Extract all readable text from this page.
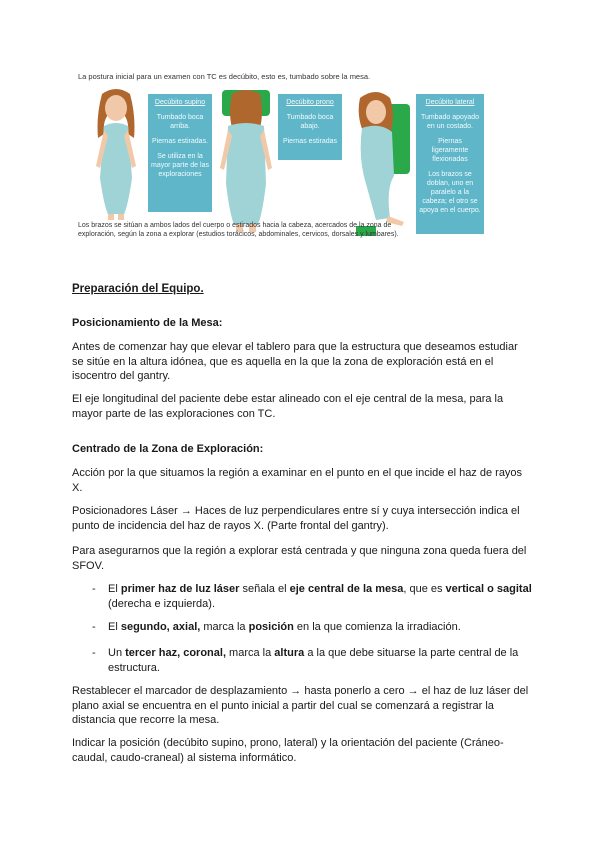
La postura inicial para un examen con TC es decúbito, esto es, tumbado sobre la mesa.
Decúbito supino
Tumbado boca arriba.
Piernas estiradas.
Se utiliza en la mayor parte de las exploraciones
Decúbito prono
Tumbado boca abajo.
Piernas estiradas
Decúbito lateral
Tumbado apoyado en un costado.
Piernas ligeramente flexionadas
Los brazos se doblan, uno en paralelo a la cabeza; el otro se apoya en el cuerpo.
Los brazos se sitúan a ambos lados del cuerpo o estirados hacia la cabeza, acercados de la zona de exploración, según la zona a explorar (estudios torácicos, abdominales, cervicos, dorsales y lumbares).
Preparación del Equipo.
Posicionamiento de la Mesa:
Antes de comenzar hay que elevar el tablero para que la estructura que deseamos estudiar se sitúe en la altura idónea, que es aquella en la que la zona de exploración está en el isocentro del gantry.
El eje longitudinal del paciente debe estar alineado con el eje central de la mesa, para la mayor parte de las exploraciones con TC.
Centrado de la Zona de Exploración:
Acción por la que situamos la región a examinar en el punto en el que incide el haz de rayos X.
Posicionadores Láser → Haces de luz perpendiculares entre sí y cuya intersección indica el punto de incidencia del haz de rayos X. (Parte frontal del gantry).
Para asegurarnos que la región a explorar está centrada y que ninguna zona queda fuera del SFOV.
- El primer haz de luz láser señala el eje central de la mesa, que es vertical o sagital (derecha e izquierda).
- El segundo, axial, marca la posición en la que comienza la irradiación.
- Un tercer haz, coronal, marca la altura a la que debe situarse la parte central de la estructura.
Restablecer el marcador de desplazamiento → hasta ponerlo a cero → el haz de luz láser del plano axial se encuentra en el punto inicial a partir del cual se comenzará a registrar la distancia que recorre la mesa.
Indicar la posición (decúbito supino, prono, lateral) y la orientación del paciente (Cráneo-caudal, caudo-craneal) al sistema informático.
